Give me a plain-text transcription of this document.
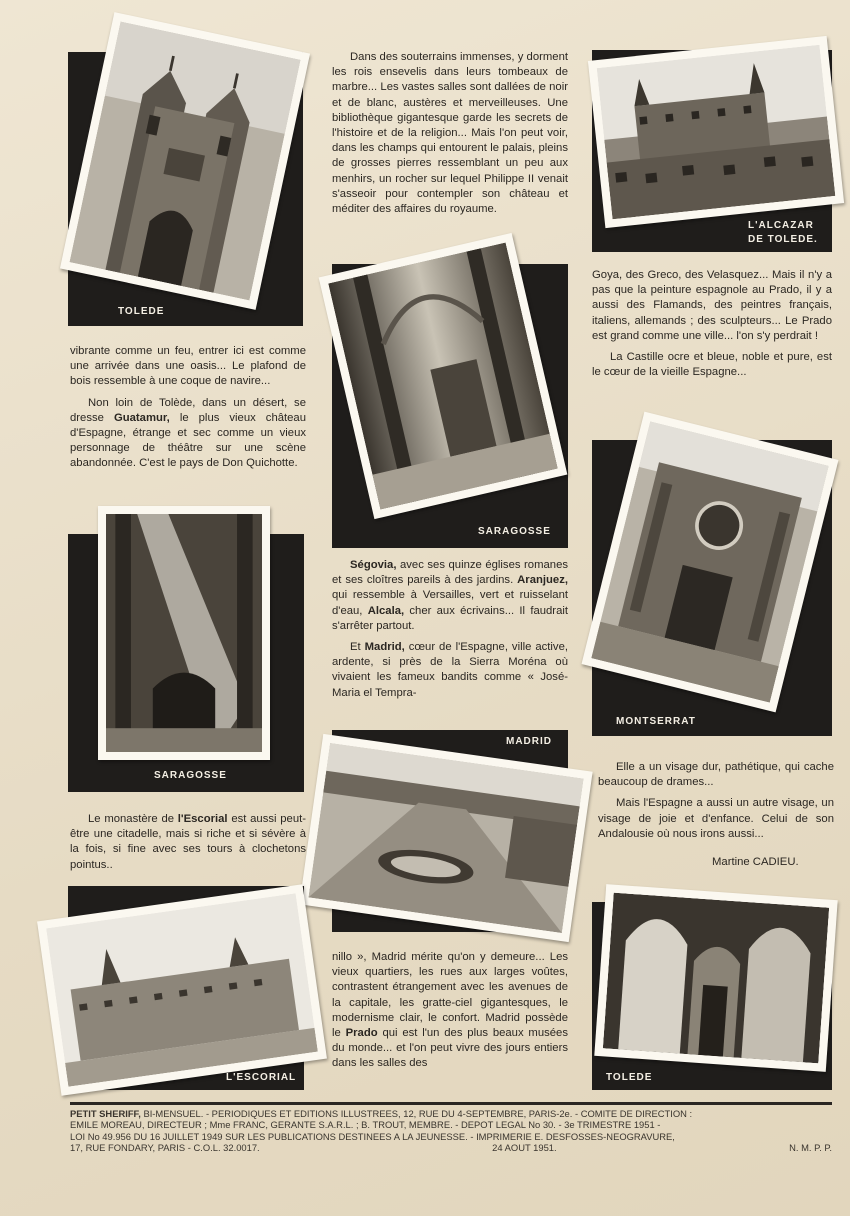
TOLEDE

Dans des souterrains immenses, y dorment les rois ensevelis dans leurs tombeaux de marbre... Les vastes salles sont dallées de noir et de blanc, austères et merveilleuses. Une bibliothèque gigantesque garde les secrets de l'histoire et de la religion... Mais l'on peut voir, dans les champs qui entourent le palais, pleins de grosses pierres ressemblant un peu aux menhirs, un rocher sur lequel Philippe II venait s'asseoir pour contempler son château et méditer des affaires du royaume.

L'ALCAZAR
DE TOLEDE.

vibrante comme un feu, entrer ici est comme une arrivée dans une oasis... Le plafond de bois ressemble à une coque de navire...

Non loin de Tolède, dans un désert, se dresse Guatamur, le plus vieux château d'Espagne, étrange et sec comme un vieux personnage de théâtre sur une scène abandonnée. C'est le pays de Don Quichotte.

SARAGOSSE

Goya, des Greco, des Velasquez... Mais il n'y a pas que la peinture espagnole au Prado, il y a aussi des Flamands, des peintres français, italiens, allemands ; des sculpteurs... Le Prado est grand comme une ville... l'on s'y perdrait !

La Castille ocre et bleue, noble et pure, est le cœur de la vieille Espagne...

MONTSERRAT
SARAGOSSE

Ségovia, avec ses quinze églises romanes et ses cloîtres pareils à des jardins. Aranjuez, qui ressemble à Versailles, vert et ruisselant d'eau, Alcala, cher aux écrivains... Il faudrait s'arrêter partout.

Et Madrid, cœur de l'Espagne, ville active, ardente, si près de la Sierra Moréna où vivaient les fameux bandits comme « José-Maria el Tempra-

MADRID

Elle a un visage dur, pathétique, qui cache beaucoup de drames...

Mais l'Espagne a aussi un autre visage, un visage de joie et d'enfance. Celui de son Andalousie où nous irons aussi...

Martine CADIEU.

Le monastère de l'Escorial est aussi peut-être une citadelle, mais si riche et si sévère à la fois, si fine avec ses tours à clochetons pointus..

L'ESCORIAL

nillo », Madrid mérite qu'on y demeure... Les vieux quartiers, les rues aux larges voûtes, contrastent étrangement avec les avenues de la capitale, les gratte-ciel gigantesques, le modernisme clair, le confort. Madrid possède le Prado qui est l'un des plus beaux musées du monde... et l'on peut vivre des jours entiers dans les salles des

TOLEDE
PETIT SHERIFF, BI-MENSUEL. - PERIODIQUES ET EDITIONS ILLUSTREES, 12, RUE DU 4-SEPTEMBRE, PARIS-2e. - COMITE DE DIRECTION :
EMILE MOREAU, DIRECTEUR ; Mme FRANC, GERANTE S.A.R.L. ; B. TROUT, MEMBRE. - DEPOT LEGAL No 30. - 3e TRIMESTRE 1951 -
LOI No 49.956 DU 16 JUILLET 1949 SUR LES PUBLICATIONS DESTINEES A LA JEUNESSE. - IMPRIMERIE E. DESFOSSES-NEOGRAVURE,
17, RUE FONDARY, PARIS - C.O.L. 32.0017.	24 AOUT 1951.	N. M. P. P.
